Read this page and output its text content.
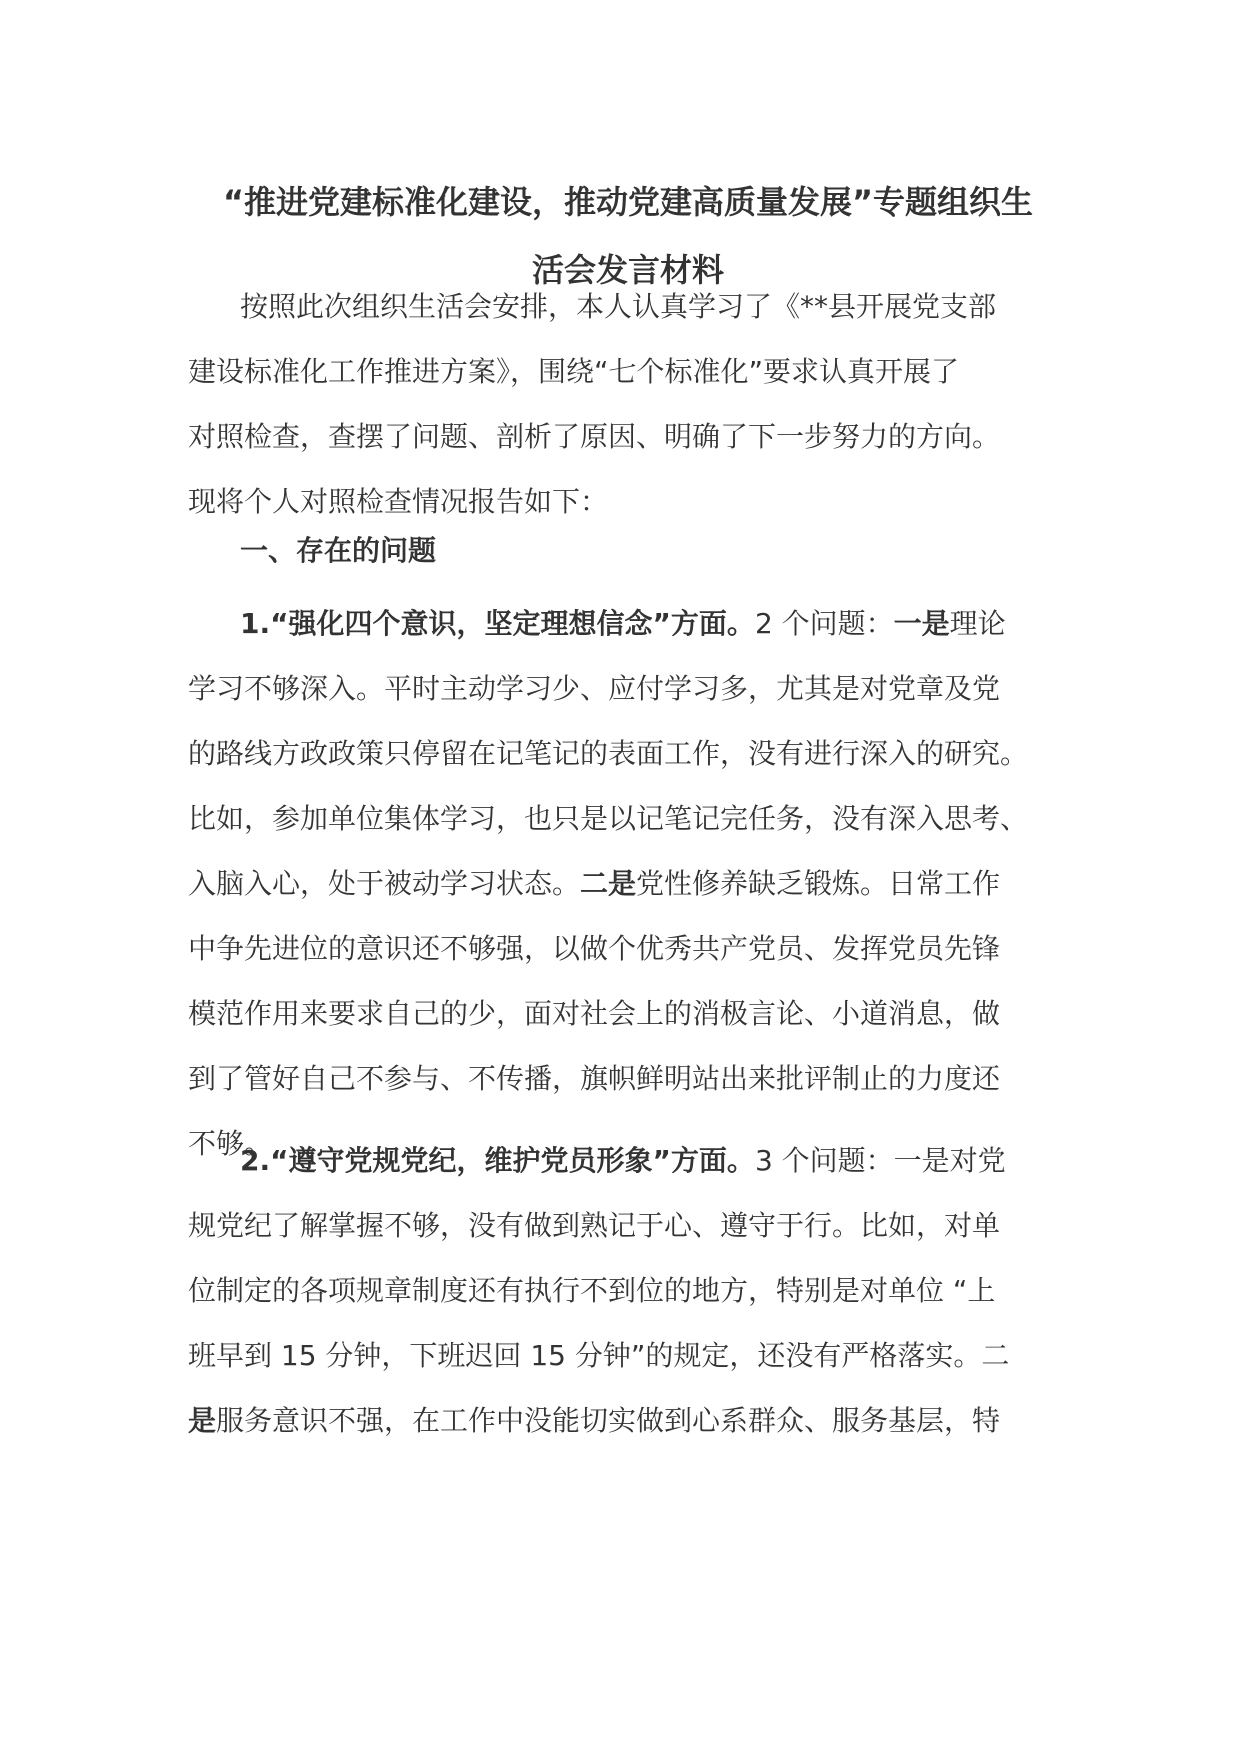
“推进党建标准化建设，推动党建高质量发展”专题组织生
活会发言材料
按照此次组织生活会安排，本人认真学习了《**县开展党支部
建设标准化工作推进方案》，围绕“七个标准化”要求认真开展了
对照检查，查摆了问题、剖析了原因、明确了下一步努力的方向。
现将个人对照检查情况报告如下：
一、存在的问题
1.“强化四个意识，坚定理想信念”方面。2 个问题：一是理论
学习不够深入。平时主动学习少、应付学习多，尤其是对党章及党
的路线方政政策只停留在记笔记的表面工作，没有进行深入的研究。
比如，参加单位集体学习，也只是以记笔记完任务，没有深入思考、
入脑入心，处于被动学习状态。二是党性修养缺乏锻炼。日常工作
中争先进位的意识还不够强，以做个优秀共产党员、发挥党员先锋
模范作用来要求自己的少，面对社会上的消极言论、小道消息，做
到了管好自己不参与、不传播，旗帜鲜明站出来批评制止的力度还
不够。
2.“遵守党规党纪，维护党员形象”方面。3 个问题：一是对党
规党纪了解掌握不够，没有做到熟记于心、遵守于行。比如，对单
位制定的各项规章制度还有执行不到位的地方，特别是对单位 “上
班早到 15 分钟，下班迟回 15 分钟”的规定，还没有严格落实。二
是服务意识不强，在工作中没能切实做到心系群众、服务基层，特
